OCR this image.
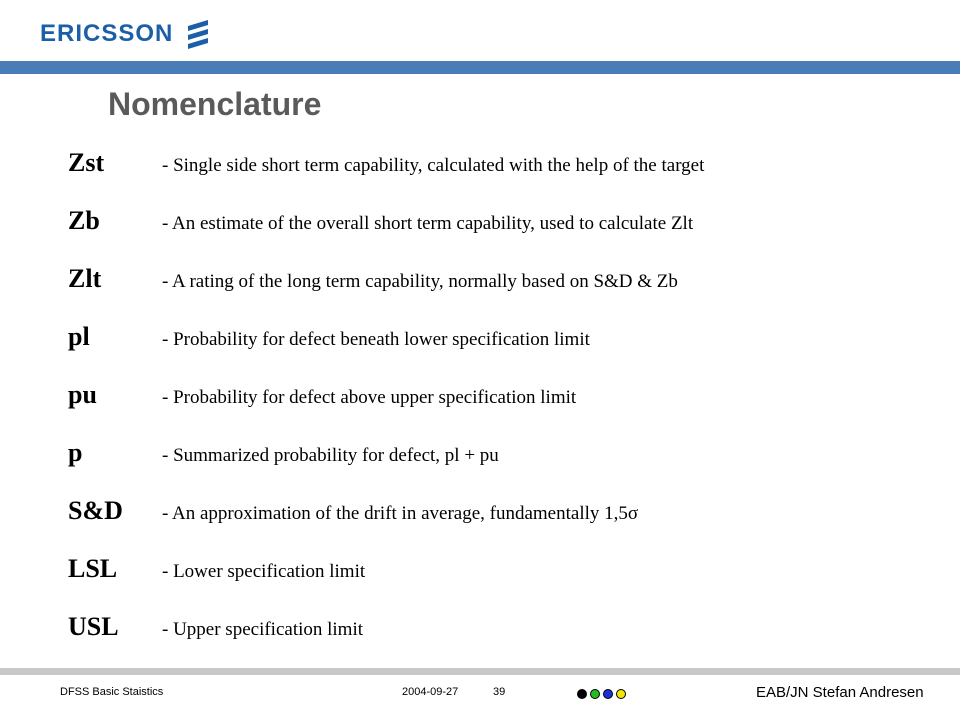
ERICSSON
Nomenclature
Zst	- Single side short term capability, calculated with the help of the target
Zb	- An estimate of the overall short term capability, used to calculate Zlt
Zlt	- A rating of the long term capability, normally based on S&D & Zb
pl	- Probability for defect beneath lower specification limit
pu	- Probability for defect above upper specification limit
p	- Summarized probability for defect, pl + pu
S&D	- An approximation of the drift in average, fundamentally 1,5σ
LSL	- Lower specification limit
USL	- Upper specification limit
DFSS Basic Staistics	2004-09-27	39	EAB/JN Stefan Andresen
